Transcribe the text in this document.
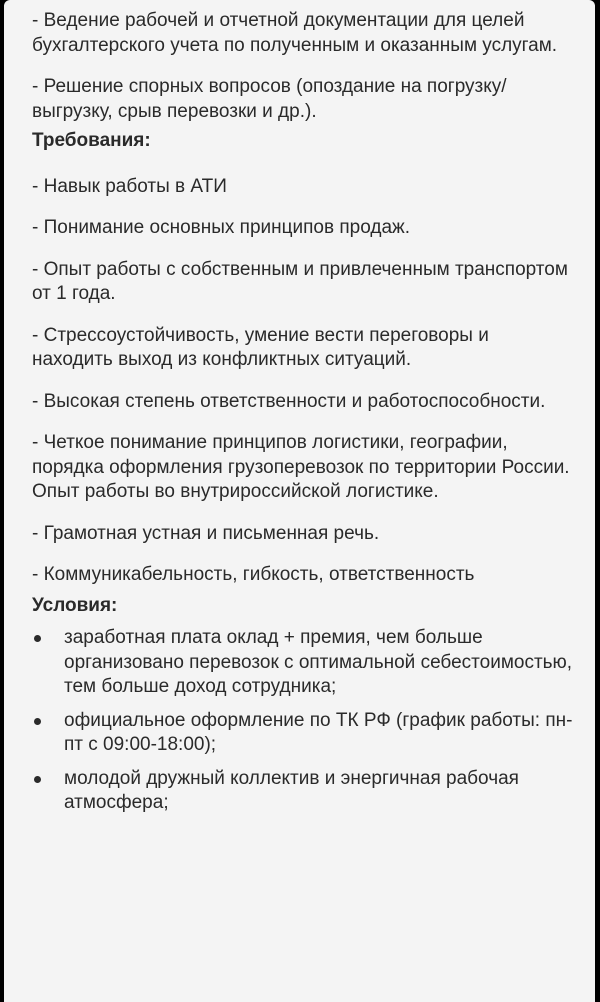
- Ведение рабочей и отчетной документации для целей бухгалтерского учета по полученным и оказанным услугам.

- Решение спорных вопросов (опоздание на погрузку/выгрузку, срыв перевозки и др.).

Требования:

- Навык работы в АТИ

- Понимание основных принципов продаж.

- Опыт работы с собственным и привлеченным транспортом от 1 года.

- Стрессоустойчивость, умение вести переговоры и находить выход из конфликтных ситуаций.

- Высокая степень ответственности и работоспособности.

- Четкое понимание принципов логистики, географии, порядка оформления грузоперевозок по территории России. Опыт работы во внутрироссийской логистике.

- Грамотная устная и письменная речь.

- Коммуникабельность, гибкость, ответственность

Условия:

заработная плата оклад + премия, чем больше организовано перевозок с оптимальной себестоимостью, тем больше доход сотрудника;
официальное оформление по ТК РФ (график работы: пн-пт с 09:00-18:00);
молодой дружный коллектив и энергичная рабочая атмосфера;
